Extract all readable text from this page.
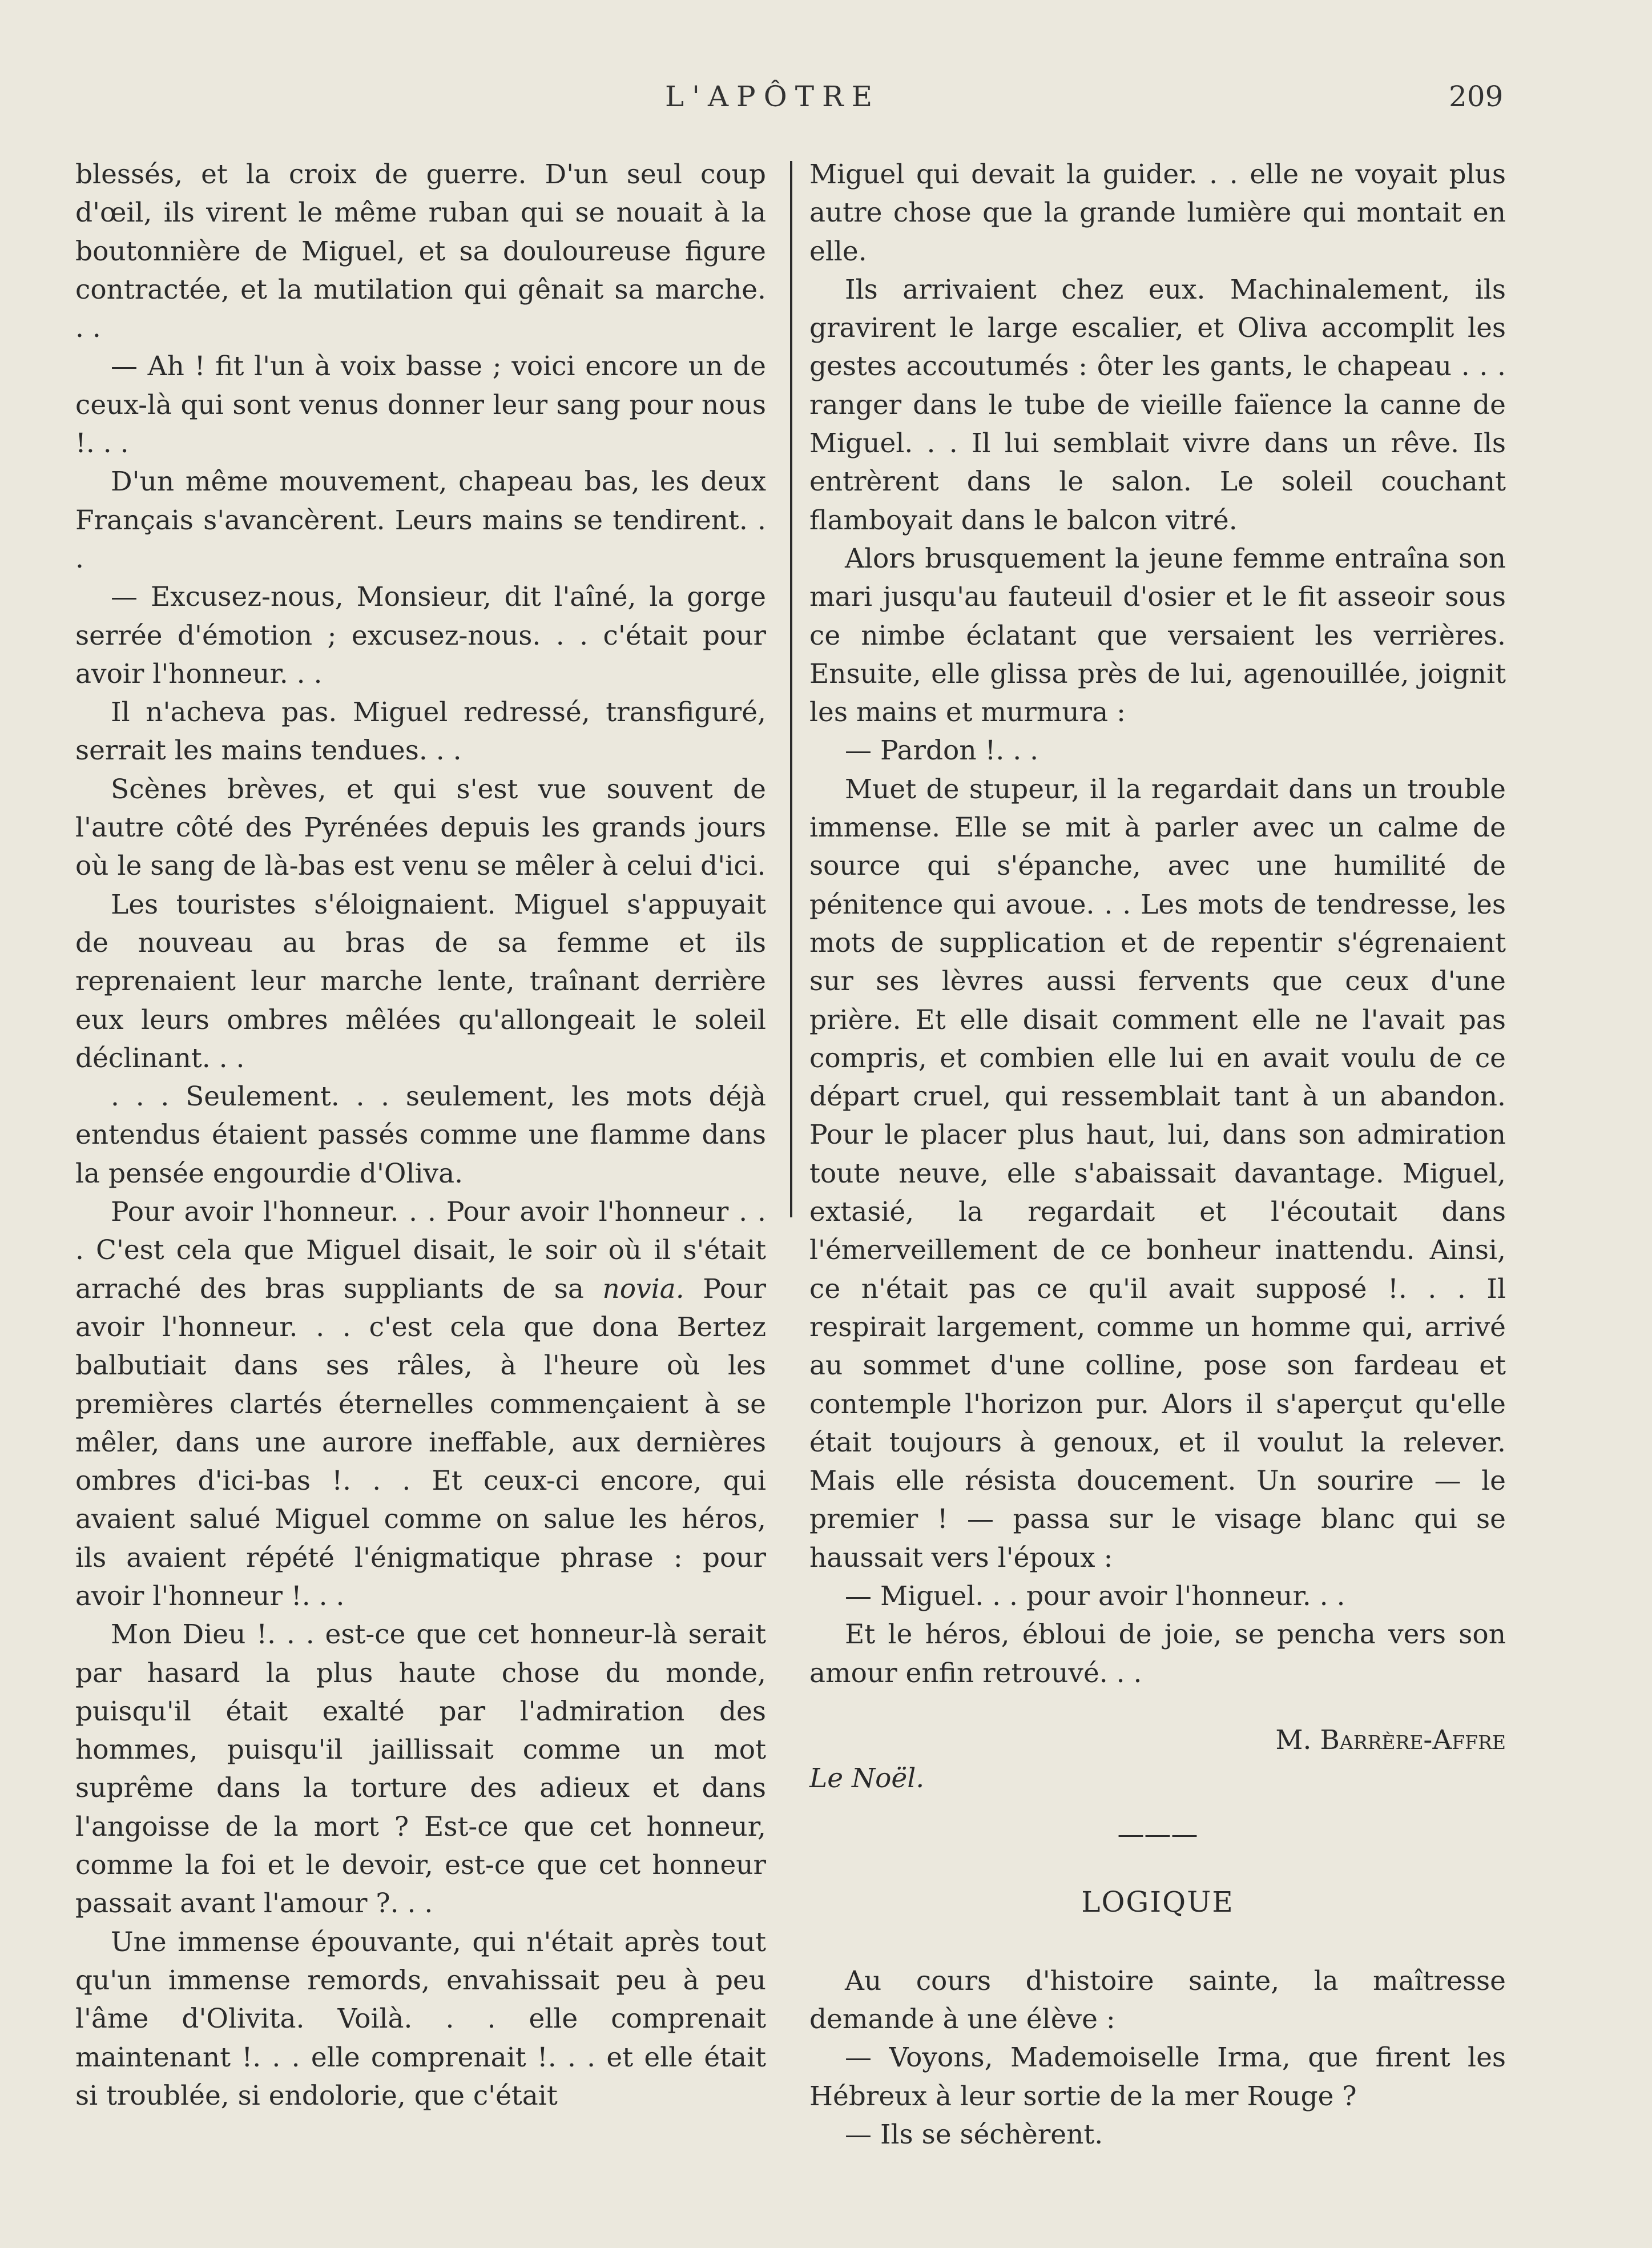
L'APÔTRE	209

blessés, et la croix de guerre. D'un seul coup d'œil, ils virent le même ruban qui se nouait à la boutonnière de Miguel, et sa douloureuse figure contractée, et la mutilation qui gênait sa marche. . .

— Ah ! fit l'un à voix basse ; voici encore un de ceux-là qui sont venus donner leur sang pour nous !. . .

D'un même mouvement, chapeau bas, les deux Français s'avancèrent. Leurs mains se tendirent. . .

— Excusez-nous, Monsieur, dit l'aîné, la gorge serrée d'émotion ; excusez-nous. . . c'était pour avoir l'honneur. . .

Il n'acheva pas. Miguel redressé, transfiguré, serrait les mains tendues. . .

Scènes brèves, et qui s'est vue souvent de l'autre côté des Pyrénées depuis les grands jours où le sang de là-bas est venu se mêler à celui d'ici.

Les touristes s'éloignaient. Miguel s'appuyait de nouveau au bras de sa femme et ils reprenaient leur marche lente, traînant derrière eux leurs ombres mêlées qu'allongeait le soleil déclinant. . .

. . . Seulement. . . seulement, les mots déjà entendus étaient passés comme une flamme dans la pensée engourdie d'Oliva.

Pour avoir l'honneur. . . Pour avoir l'honneur . . . C'est cela que Miguel disait, le soir où il s'était arraché des bras suppliants de sa novia. Pour avoir l'honneur. . . c'est cela que dona Bertez balbutiait dans ses râles, à l'heure où les premières clartés éternelles commençaient à se mêler, dans une aurore ineffable, aux dernières ombres d'ici-bas !. . . Et ceux-ci encore, qui avaient salué Miguel comme on salue les héros, ils avaient répété l'énigmatique phrase : pour avoir l'honneur !. . .

Mon Dieu !. . . est-ce que cet honneur-là serait par hasard la plus haute chose du monde, puisqu'il était exalté par l'admiration des hommes, puisqu'il jaillissait comme un mot suprême dans la torture des adieux et dans l'angoisse de la mort ? Est-ce que cet honneur, comme la foi et le devoir, est-ce que cet honneur passait avant l'amour ?. . .

Une immense épouvante, qui n'était après tout qu'un immense remords, envahissait peu à peu l'âme d'Olivita. Voilà. . . elle comprenait maintenant !. . . elle comprenait !. . . et elle était si troublée, si endolorie, que c'était

Miguel qui devait la guider. . . elle ne voyait plus autre chose que la grande lumière qui montait en elle.

Ils arrivaient chez eux. Machinalement, ils gravirent le large escalier, et Oliva accomplit les gestes accoutumés : ôter les gants, le chapeau . . . ranger dans le tube de vieille faïence la canne de Miguel. . . Il lui semblait vivre dans un rêve. Ils entrèrent dans le salon. Le soleil couchant flamboyait dans le balcon vitré.

Alors brusquement la jeune femme entraîna son mari jusqu'au fauteuil d'osier et le fit asseoir sous ce nimbe éclatant que versaient les verrières. Ensuite, elle glissa près de lui, agenouillée, joignit les mains et murmura :

— Pardon !. . .

Muet de stupeur, il la regardait dans un trouble immense. Elle se mit à parler avec un calme de source qui s'épanche, avec une humilité de pénitence qui avoue. . . Les mots de tendresse, les mots de supplication et de repentir s'égrenaient sur ses lèvres aussi fervents que ceux d'une prière. Et elle disait comment elle ne l'avait pas compris, et combien elle lui en avait voulu de ce départ cruel, qui ressemblait tant à un abandon. Pour le placer plus haut, lui, dans son admiration toute neuve, elle s'abaissait davantage. Miguel, extasié, la regardait et l'écoutait dans l'émerveillement de ce bonheur inattendu. Ainsi, ce n'était pas ce qu'il avait supposé !. . . Il respirait largement, comme un homme qui, arrivé au sommet d'une colline, pose son fardeau et contemple l'horizon pur. Alors il s'aperçut qu'elle était toujours à genoux, et il voulut la relever. Mais elle résista doucement. Un sourire — le premier ! — passa sur le visage blanc qui se haussait vers l'époux :

— Miguel. . . pour avoir l'honneur. . .

Et le héros, ébloui de joie, se pencha vers son amour enfin retrouvé. . .

M. Barrère-Affre

Le Noël.

———

LOGIQUE

Au cours d'histoire sainte, la maîtresse demande à une élève :

— Voyons, Mademoiselle Irma, que firent les Hébreux à leur sortie de la mer Rouge ?

— Ils se séchèrent.
